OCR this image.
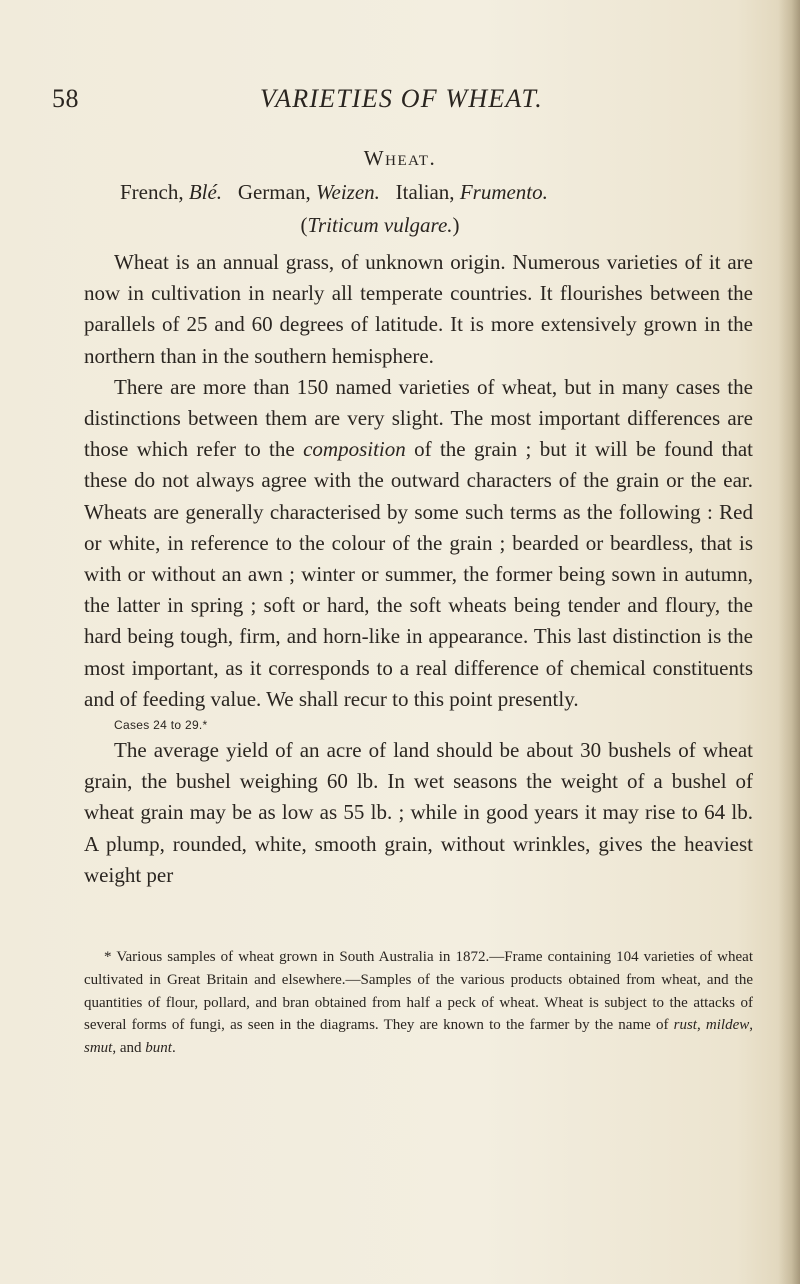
58	VARIETIES OF WHEAT.
Wheat.
French, Blé. German, Weizen. Italian, Frumento.
(Triticum vulgare.)

Wheat is an annual grass, of unknown origin. Numerous varieties of it are now in cultivation in nearly all temperate countries. It flourishes between the parallels of 25 and 60 degrees of latitude. It is more extensively grown in the northern than in the southern hemisphere.

There are more than 150 named varieties of wheat, but in many cases the distinctions between them are very slight. The most important differences are those which refer to the composition of the grain ; but it will be found that these do not always agree with the outward characters of the grain or the ear. Wheats are generally characterised by some such terms as the following : Red or white, in reference to the colour of the grain ; bearded or beardless, that is with or without an awn ; winter or summer, the former being sown in autumn, the latter in spring ; soft or hard, the soft wheats being tender and floury, the hard being tough, firm, and horn-like in appearance. This last distinction is the most important, as it corresponds to a real difference of chemical constituents and of feeding value. We shall recur to this point presently.

Cases 24 to 29.*

The average yield of an acre of land should be about 30 bushels of wheat grain, the bushel weighing 60 lb. In wet seasons the weight of a bushel of wheat grain may be as low as 55 lb. ; while in good years it may rise to 64 lb. A plump, rounded, white, smooth grain, without wrinkles, gives the heaviest weight per

* Various samples of wheat grown in South Australia in 1872.—Frame containing 104 varieties of wheat cultivated in Great Britain and elsewhere.—Samples of the various products obtained from wheat, and the quantities of flour, pollard, and bran obtained from half a peck of wheat. Wheat is subject to the attacks of several forms of fungi, as seen in the diagrams. They are known to the farmer by the name of rust, mildew, smut, and bunt.
